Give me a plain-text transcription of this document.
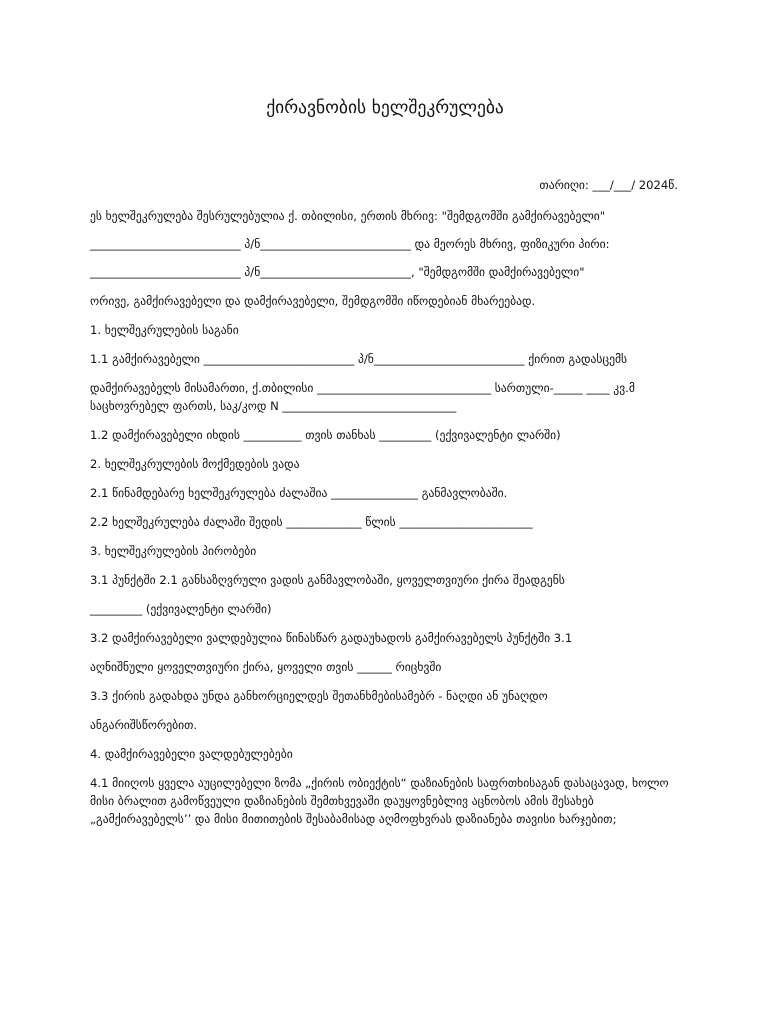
ქირავნობის ხელშეკრულება

თარიღი: ___/___/ 2024წ.

ეს ხელშეკრულება შესრულებულია ქ. თბილისი, ერთის მხრივ: "შემდგომში გამქირავებელი"

__________________________ პ/ნ__________________________ და მეორეს მხრივ, ფიზიკური პირი:

__________________________ პ/ნ__________________________, "შემდგომში დამქირავებელი"

ორივე, გამქირავებელი და დამქირავებელი, შემდგომში იწოდებიან მხარეებად.

1. ხელშეკრულების საგანი

1.1 გამქირავებელი __________________________ პ/ნ__________________________ ქირით გადასცემს

დამქირავებელს მისამართი, ქ.თბილისი ______________________________ სართული-_____ ____ კვ.მ საცხოვრებელ ფართს, საკ/კოდ N ______________________________

1.2 დამქირავებელი იხდის __________ თვის თანხას _________ (ექვივალენტი ლარში)

2. ხელშეკრულების მოქმედების ვადა

2.1 წინამდებარე ხელშეკრულება ძალაშია _______________ განმავლობაში.

2.2 ხელშეკრულება ძალაში შედის _____________ წლის _______________________

3. ხელშეკრულების პირობები

3.1 პუნქტში 2.1 განსაზღვრული ვადის განმავლობაში, ყოველთვიური ქირა შეადგენს

_________ (ექვივალენტი ლარში)

3.2 დამქირავებელი ვალდებულია წინასწარ გადაუხადოს გამქირავებელს პუნქტში 3.1

აღნიშნული ყოველთვიური ქირა, ყოველი თვის ______ რიცხვში

3.3 ქირის გადახდა უნდა განხორციელდეს შეთანხმებისამებრ - ნაღდი ან უნაღდო

ანგარიშსწორებით.

4. დამქირავებელი ვალდებულებები

4.1 მიიღოს ყველა აუცილებელი ზომა „ქირის ობიექტის“ დაზიანების საფრთხისაგან დასაცავად, ხოლო მისი ბრალით გამოწვეული დაზიანების შემთხვევაში დაუყოვნებლივ აცნობოს ამის შესახებ „გამქირავებელს’’ და მისი მითითების შესაბამისად აღმოფხვრას დაზიანება თავისი ხარჯებით;
